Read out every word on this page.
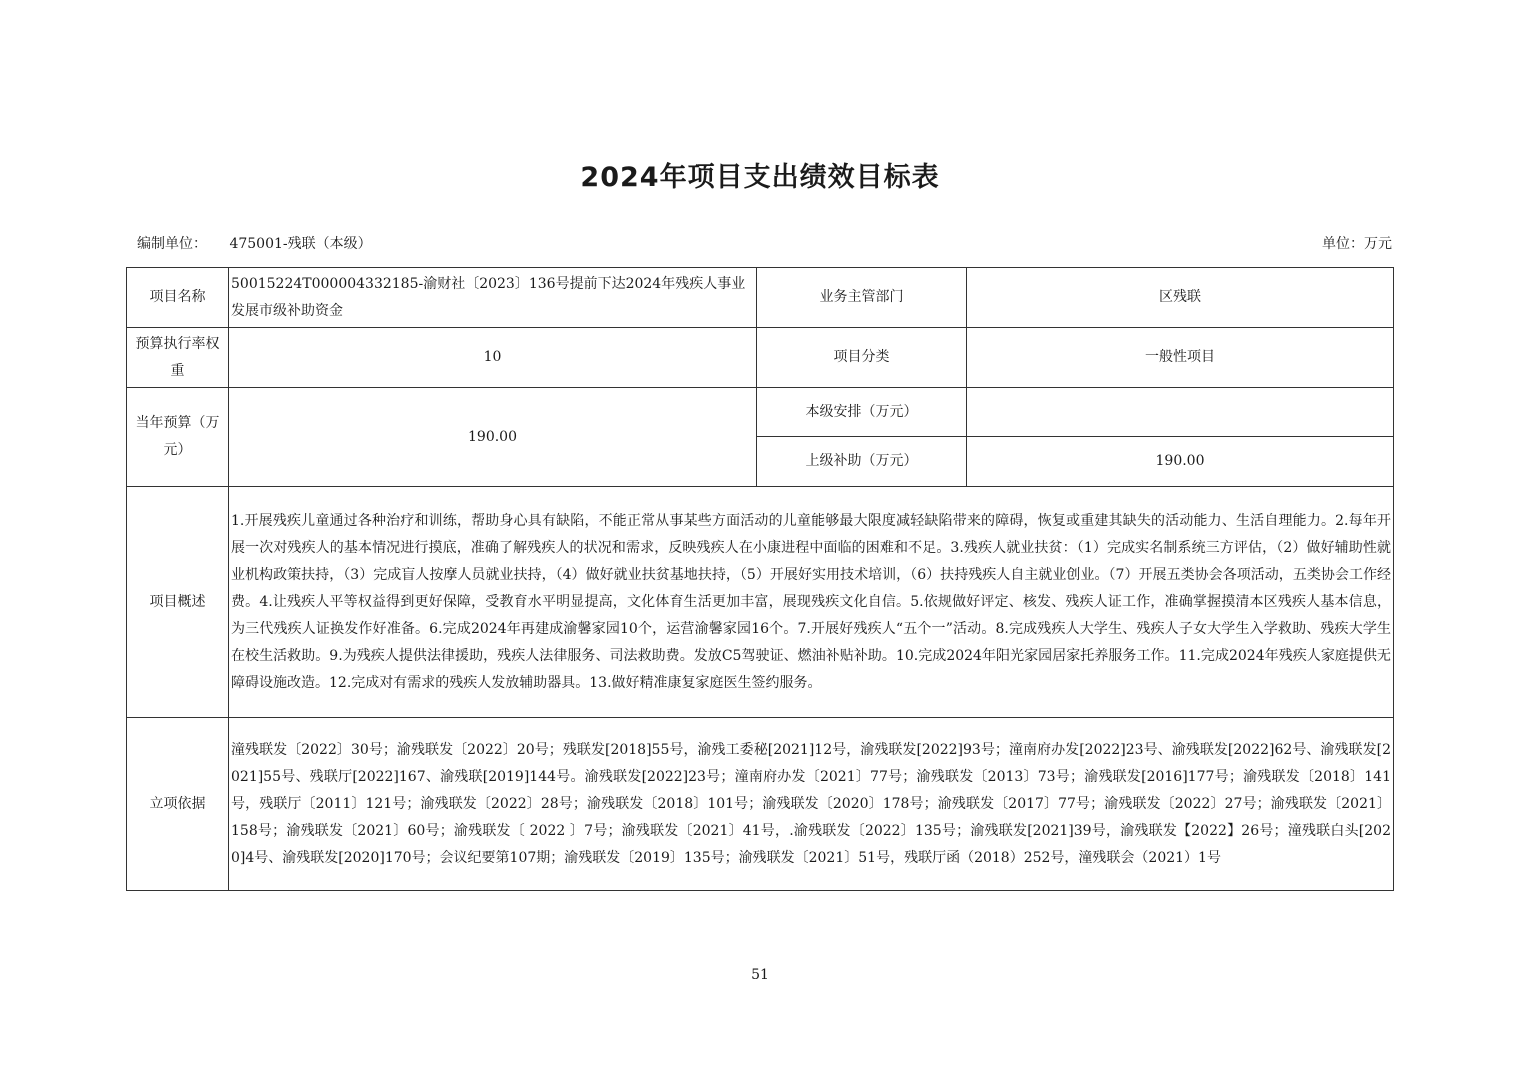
2024年项目支出绩效目标表
编制单位： 475001-残联（本级）	单位：万元
项目名称	50015224T000004332185-渝财社〔2023〕136号提前下达2024年残疾人事业发展市级补助资金	业务主管部门	区残联
预算执行率权重	10	项目分类	一般性项目
当年预算（万元）	190.00	本级安排（万元）	
		上级补助（万元）	190.00
项目概述	1.开展残疾儿童通过各种治疗和训练，帮助身心具有缺陷，不能正常从事某些方面活动的儿童能够最大限度减轻缺陷带来的障碍，恢复或重建其缺失的活动能力、生活自理能力。2.每年开展一次对残疾人的基本情况进行摸底，准确了解残疾人的状况和需求，反映残疾人在小康进程中面临的困难和不足。3.残疾人就业扶贫：（1）完成实名制系统三方评估，（2）做好辅助性就业机构政策扶持，（3）完成盲人按摩人员就业扶持，（4）做好就业扶贫基地扶持，（5）开展好实用技术培训，（6）扶持残疾人自主就业创业。（7）开展五类协会各项活动，五类协会工作经费。4.让残疾人平等权益得到更好保障，受教育水平明显提高，文化体育生活更加丰富，展现残疾文化自信。5.依规做好评定、核发、残疾人证工作，准确掌握摸清本区残疾人基本信息，为三代残疾人证换发作好准备。6.完成2024年再建成渝馨家园10个，运营渝馨家园16个。7.开展好残疾人“五个一”活动。8.完成残疾人大学生、残疾人子女大学生入学救助、残疾大学生在校生活救助。9.为残疾人提供法律援助，残疾人法律服务、司法救助费。发放C5驾驶证、燃油补贴补助。10.完成2024年阳光家园居家托养服务工作。11.完成2024年残疾人家庭提供无障碍设施改造。12.完成对有需求的残疾人发放辅助器具。13.做好精准康复家庭医生签约服务。		
立项依据	潼残联发〔2022〕30号；渝残联发〔2022〕20号；残联发[2018]55号，渝残工委秘[2021]12号，渝残联发[2022]93号；潼南府办发[2022]23号、渝残联发[2022]62号、渝残联发[2021]55号、残联厅[2022]167、渝残联[2019]144号。渝残联发[2022]23号；潼南府办发〔2021〕77号；渝残联发〔2013〕73号；渝残联发[2016]177号；渝残联发〔2018〕141号，残联厅〔2011〕121号；渝残联发〔2022〕28号；渝残联发〔2018〕101号；渝残联发〔2020〕178号；渝残联发〔2017〕77号；渝残联发〔2022〕27号；渝残联发〔2021〕158号；渝残联发〔2021〕60号；渝残联发〔 2022 〕7号；渝残联发〔2021〕41号，.渝残联发〔2022〕135号；渝残联发[2021]39号，渝残联发【2022】26号；潼残联白头[2020]4号、渝残联发[2020]170号；会议纪要第107期；渝残联发〔2019〕135号；渝残联发〔2021〕51号，残联厅函（2018）252号，潼残联会（2021）1号		
51
